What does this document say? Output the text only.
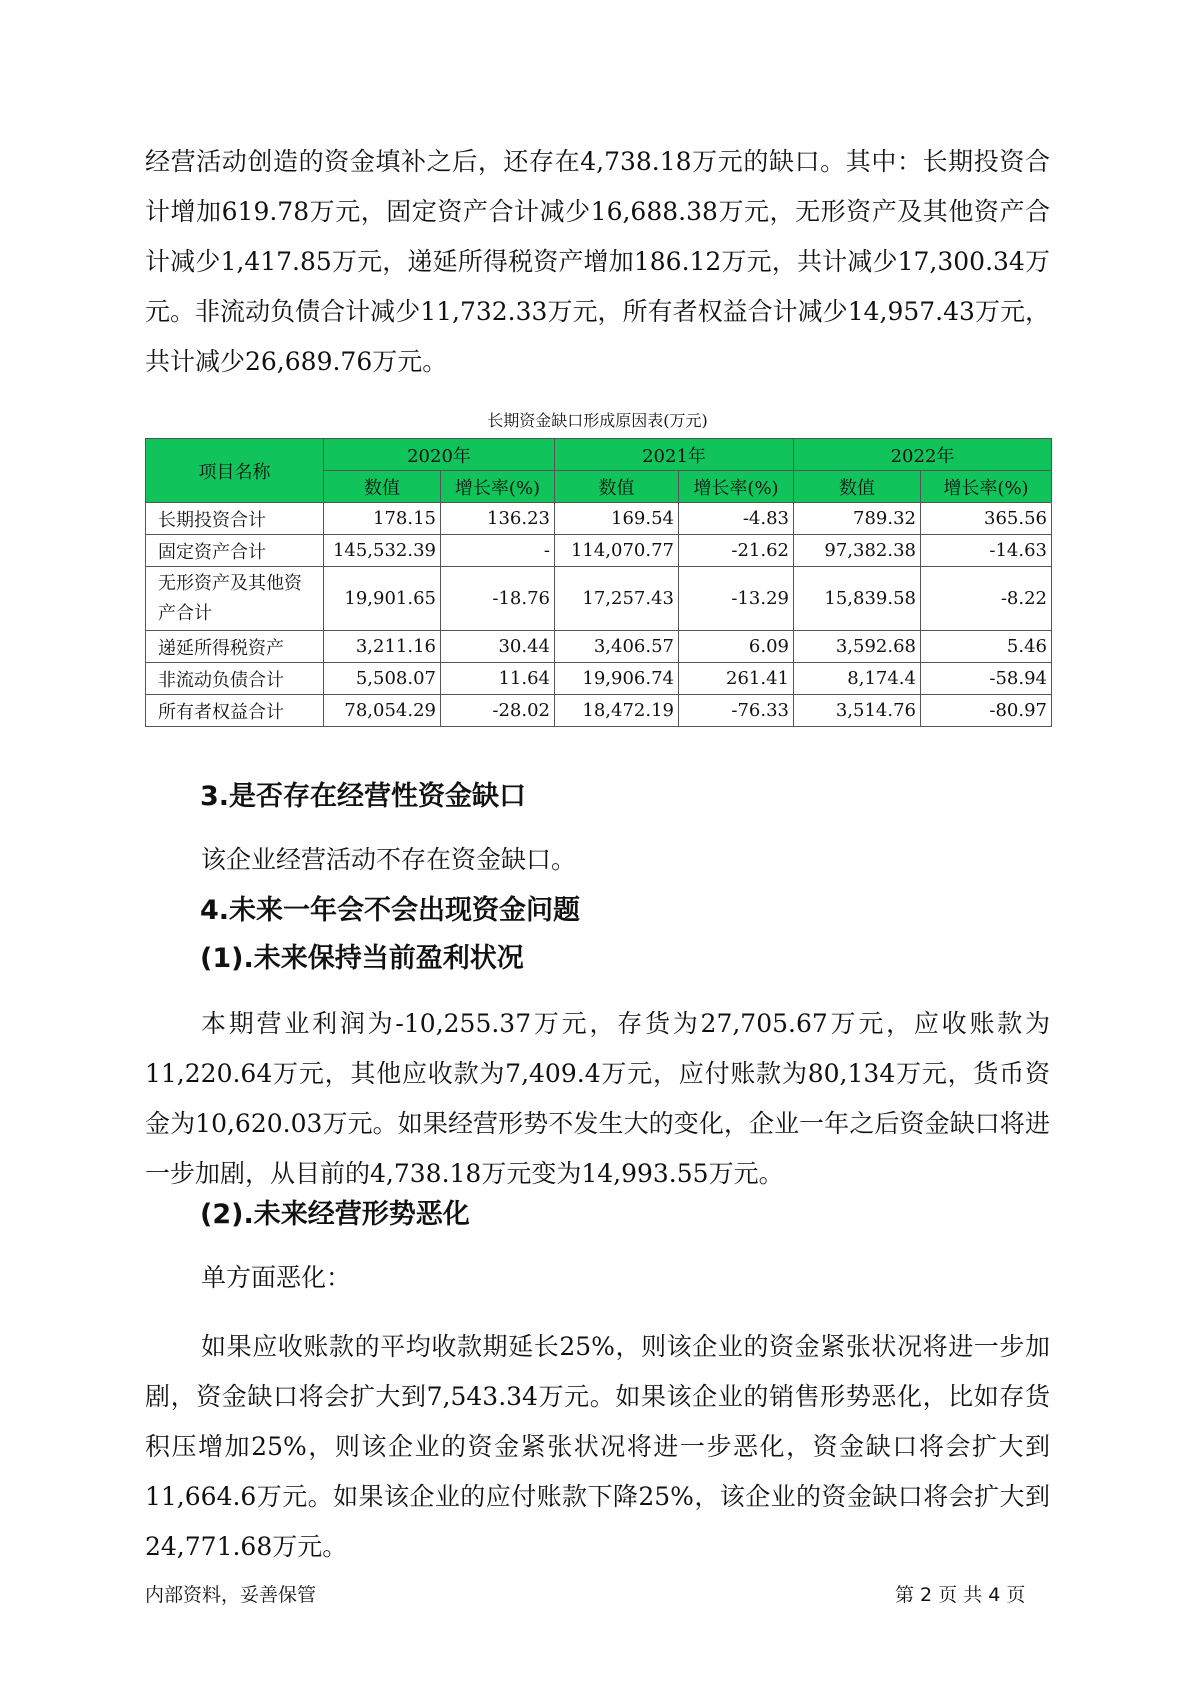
经营活动创造的资金填补之后，还存在4,738.18万元的缺口。其中：长期投资合计增加619.78万元，固定资产合计减少16,688.38万元，无形资产及其他资产合计减少1,417.85万元，递延所得税资产增加186.12万元，共计减少17,300.34万元。非流动负债合计减少11,732.33万元，所有者权益合计减少14,957.43万元，共计减少26,689.76万元。

长期资金缺口形成原因表(万元)

项目名称	2020年		2021年		2022年	
	数值	增长率(%)	数值	增长率(%)	数值	增长率(%)
长期投资合计	178.15	136.23	169.54	-4.83	789.32	365.56
固定资产合计	145,532.39	-	114,070.77	-21.62	97,382.38	-14.63
无形资产及其他资产合计	19,901.65	-18.76	17,257.43	-13.29	15,839.58	-8.22
递延所得税资产	3,211.16	30.44	3,406.57	6.09	3,592.68	5.46
非流动负债合计	5,508.07	11.64	19,906.74	261.41	8,174.4	-58.94
所有者权益合计	78,054.29	-28.02	18,472.19	-76.33	3,514.76	-80.97
3.是否存在经营性资金缺口

该企业经营活动不存在资金缺口。

4.未来一年会不会出现资金问题
(1).未来保持当前盈利状况

本期营业利润为-10,255.37万元，存货为27,705.67万元，应收账款为11,220.64万元，其他应收款为7,409.4万元，应付账款为80,134万元，货币资金为10,620.03万元。如果经营形势不发生大的变化，企业一年之后资金缺口将进一步加剧，从目前的4,738.18万元变为14,993.55万元。

(2).未来经营形势恶化

单方面恶化：

如果应收账款的平均收款期延长25%，则该企业的资金紧张状况将进一步加剧，资金缺口将会扩大到7,543.34万元。如果该企业的销售形势恶化，比如存货积压增加25%，则该企业的资金紧张状况将进一步恶化，资金缺口将会扩大到11,664.6万元。如果该企业的应付账款下降25%，该企业的资金缺口将会扩大到24,771.68万元。

内部资料，妥善保管	第 2 页 共 4 页
